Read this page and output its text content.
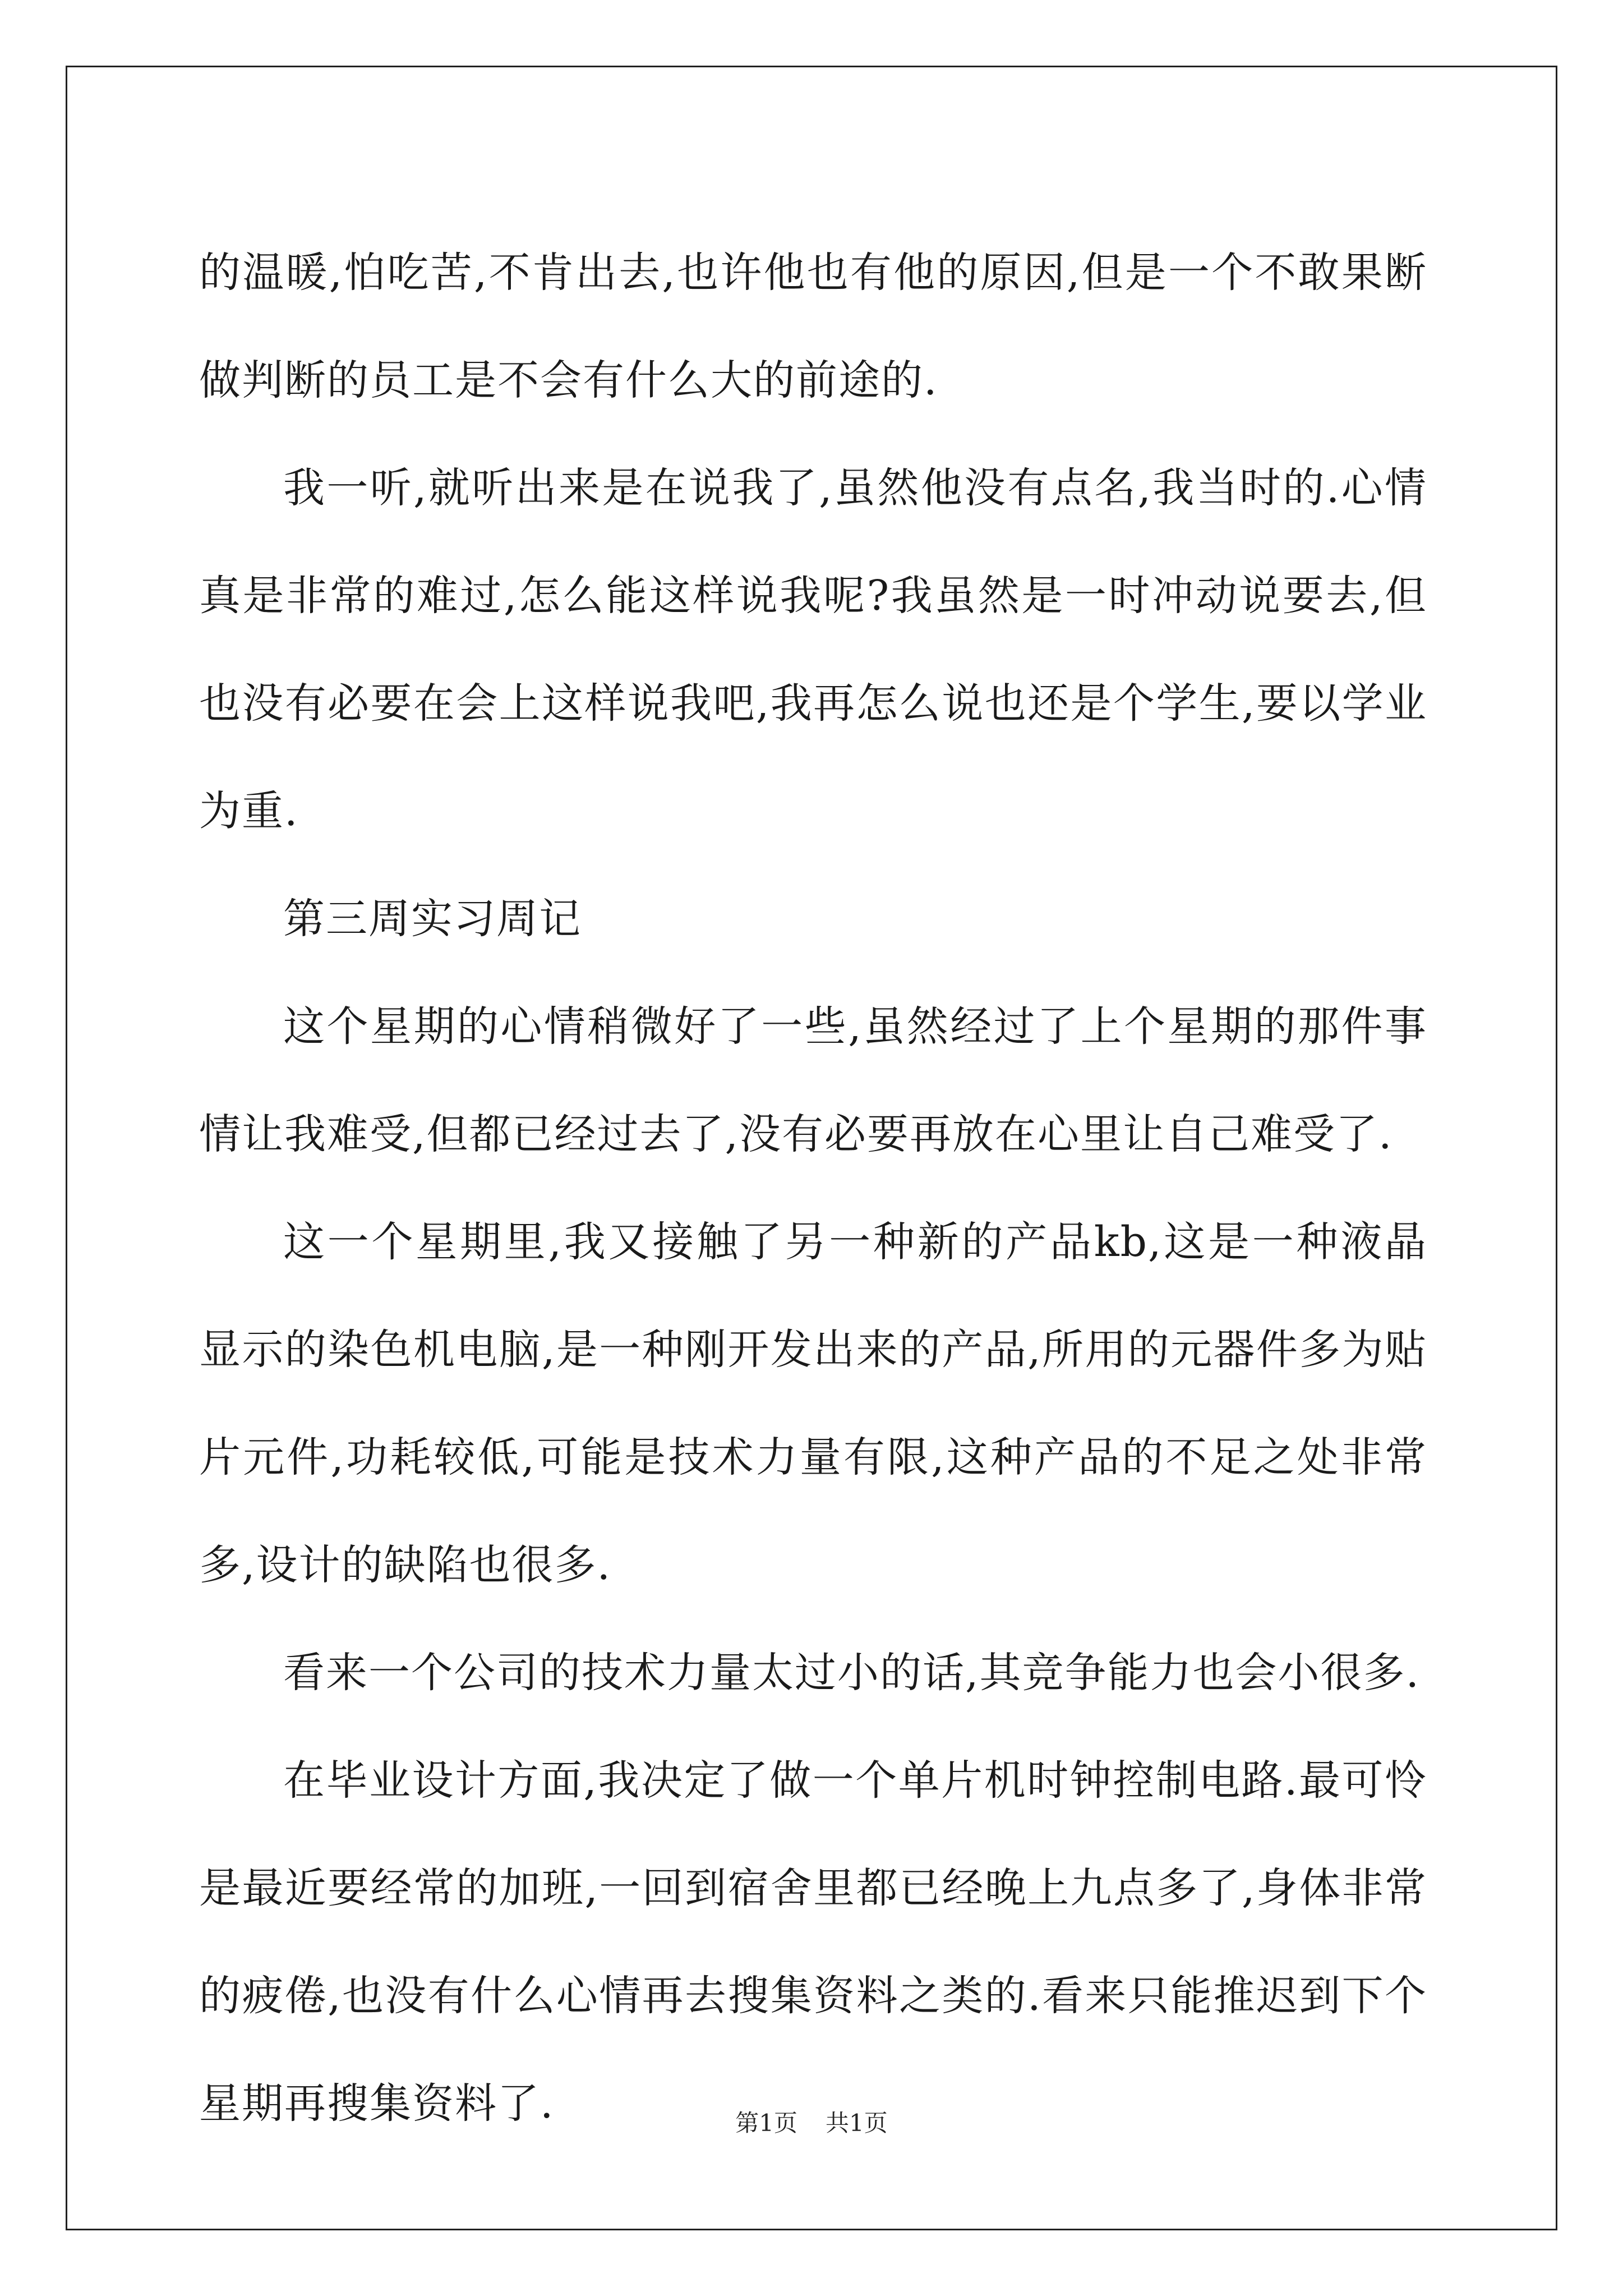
的温暖,怕吃苦,不肯出去,也许他也有他的原因,但是一个不敢果断做判断的员工是不会有什么大的前途的.

我一听,就听出来是在说我了,虽然他没有点名,我当时的.心情真是非常的难过,怎么能这样说我呢?我虽然是一时冲动说要去,但也没有必要在会上这样说我吧,我再怎么说也还是个学生,要以学业为重.

第三周实习周记

这个星期的心情稍微好了一些,虽然经过了上个星期的那件事情让我难受,但都已经过去了,没有必要再放在心里让自己难受了.

这一个星期里,我又接触了另一种新的产品kb,这是一种液晶显示的染色机电脑,是一种刚开发出来的产品,所用的元器件多为贴片元件,功耗较低,可能是技术力量有限,这种产品的不足之处非常多,设计的缺陷也很多.

看来一个公司的技术力量太过小的话,其竞争能力也会小很多.

在毕业设计方面,我决定了做一个单片机时钟控制电路.最可怜是最近要经常的加班,一回到宿舍里都已经晚上九点多了,身体非常的疲倦,也没有什么心情再去搜集资料之类的.看来只能推迟到下个星期再搜集资料了.	第1页 共1页
